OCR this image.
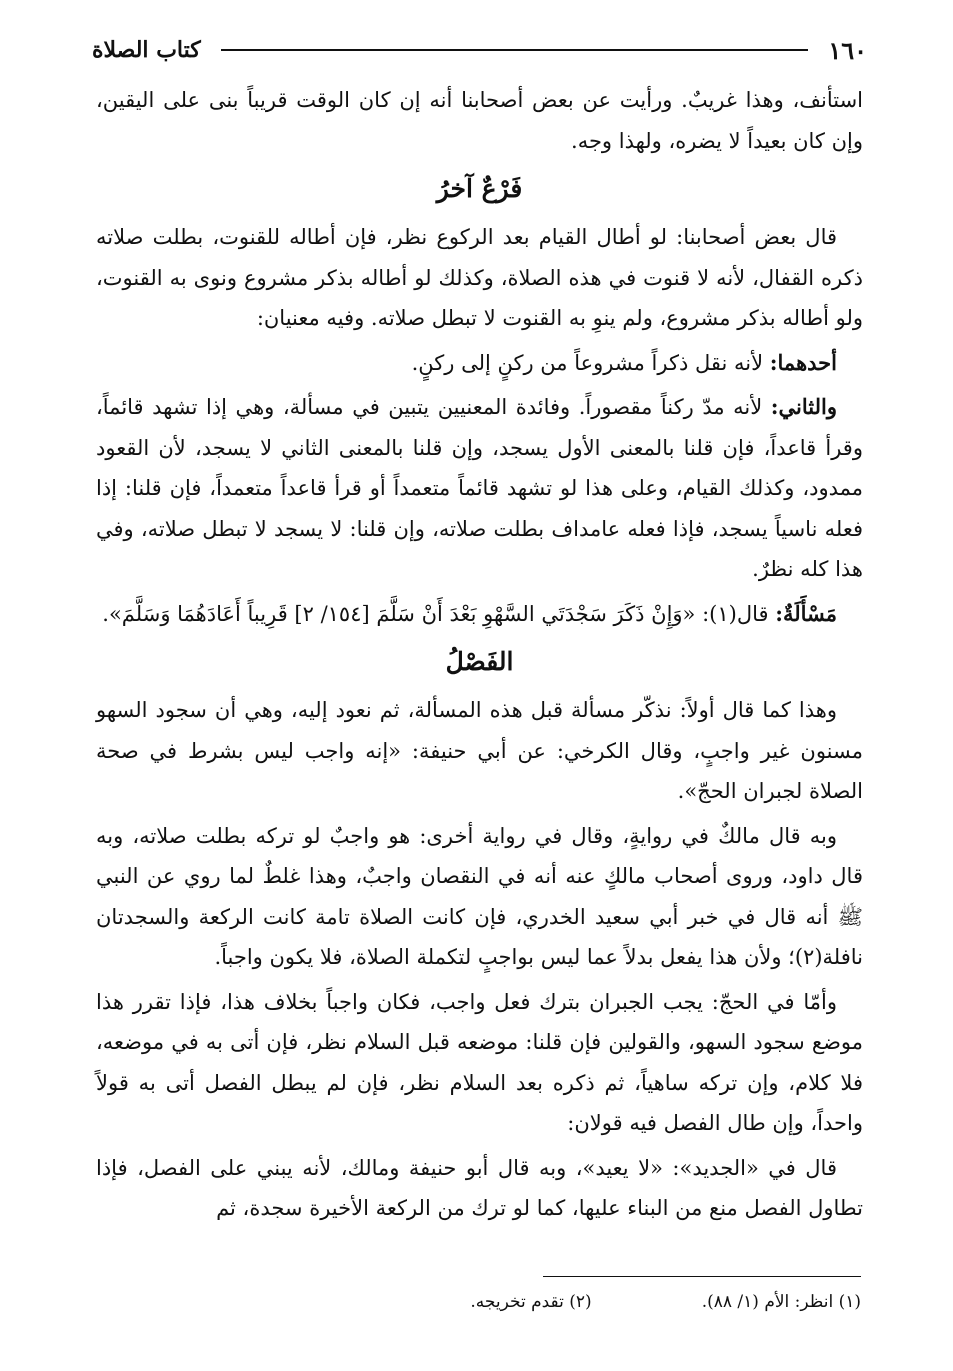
١٦٠
كتاب الصلاة

استأنف، وهذا غريبٌ. ورأيت عن بعض أصحابنا أنه إن كان الوقت قريباً بنى على اليقين، وإن كان بعيداً لا يضره، ولهذا وجه.

فَرْعٌ آخرُ

قال بعض أصحابنا: لو أطال القيام بعد الركوع نظر، فإن أطاله للقنوت، بطلت صلاته ذكره القفال، لأنه لا قنوت في هذه الصلاة، وكذلك لو أطاله بذكر مشروع ونوى به القنوت، ولو أطاله بذكر مشروع، ولم ينوِ به القنوت لا تبطل صلاته. وفيه معنيان:

أحدهما: لأنه نقل ذكراً مشروعاً من ركنٍ إلى ركنٍ.

والثاني: لأنه مدّ ركناً مقصوراً. وفائدة المعنيين يتبين في مسألة، وهي إذا تشهد قائماً، وقرأ قاعداً، فإن قلنا بالمعنى الأول يسجد، وإن قلنا بالمعنى الثاني لا يسجد، لأن القعود ممدود، وكذلك القيام، وعلى هذا لو تشهد قائماً متعمداً أو قرأ قاعداً متعمداً، فإن قلنا: إذا فعله ناسياً يسجد، فإذا فعله عامداف بطلت صلاته، وإن قلنا: لا يسجد لا تبطل صلاته، وفي هذا كله نظرٌ.

مَسْأَلَةٌ: قال(١): «وَإِنْ ذَكَرَ سَجْدَتَي السَّهْوِ بَعْدَ أَنْ سَلَّمَ [١٥٤/ ٢] قَرِيباً أَعَادَهُمَا وَسَلَّمَ».

الفَصْلُ

وهذا كما قال أولاً: نذكّر مسألة قبل هذه المسألة، ثم نعود إليه، وهي أن سجود السهو مسنون غير واجبٍ، وقال الكرخي: عن أبي حنيفة: «إنه واجب ليس بشرط في صحة الصلاة لجبران الحجّ».

وبه قال مالكٌ في روايةٍ، وقال في رواية أخرى: هو واجبٌ لو تركه بطلت صلاته، وبه قال داود، وروى أصحاب مالكٍ عنه أنه في النقصان واجبٌ، وهذا غلطٌ لما روي عن النبي ﷺ أنه قال في خبر أبي سعيد الخدري، فإن كانت الصلاة تامة كانت الركعة والسجدتان نافلة(٢)؛ ولأن هذا يفعل بدلاً عما ليس بواجبٍ لتكملة الصلاة، فلا يكون واجباً.

وأمّا في الحجّ: يجب الجبران بترك فعل واجب، فكان واجباً بخلاف هذا، فإذا تقرر هذا موضع سجود السهو، والقولين فإن قلنا: موضعه قبل السلام نظر، فإن أتى به في موضعه، فلا كلام، وإن تركه ساهياً، ثم ذكره بعد السلام نظر، فإن لم يبطل الفصل أتى به قولاً واحداً، وإن طال الفصل فيه قولان:

قال في «الجديد»: «لا يعيد»، وبه قال أبو حنيفة ومالك، لأنه يبني على الفصل، فإذا تطاول الفصل منع من البناء عليها، كما لو ترك من الركعة الأخيرة سجدة، ثم

(١) انظر: الأم (١/ ٨٨).
(٢) تقدم تخريجه.
